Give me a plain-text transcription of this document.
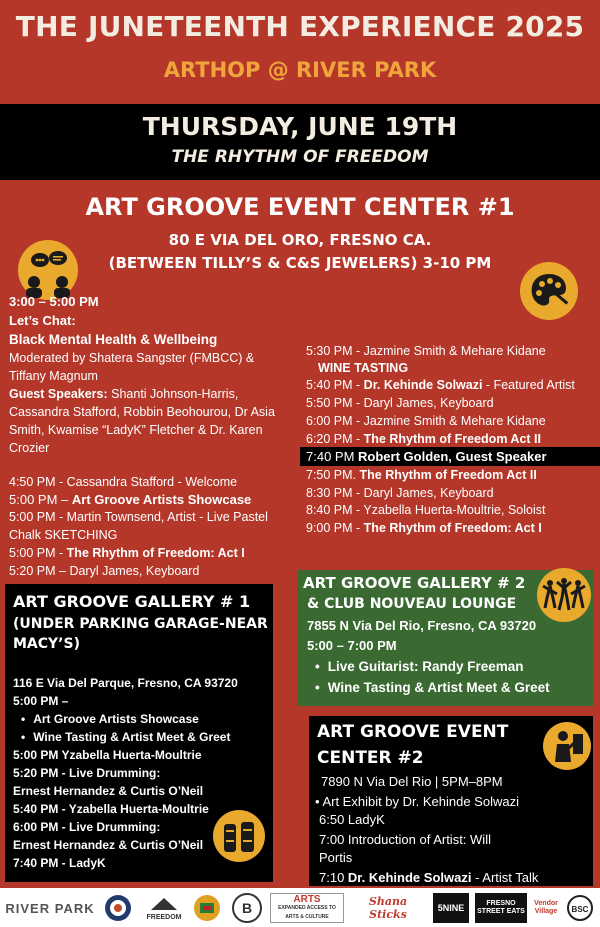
THE JUNETEENTH EXPERIENCE 2025
ARTHOP @ RIVER PARK
THURSDAY, JUNE 19TH
THE RHYTHM OF FREEDOM
ART GROOVE EVENT CENTER #1
80 E VIA DEL ORO, FRESNO CA.
(BETWEEN TILLY’S & C&S JEWELERS) 3-10 PM
3:00 – 5:00 PM
Let’s Chat:
Black Mental Health & Wellbeing
Moderated by Shatera Sangster (FMBCC) &
Tiffany Magnum
Guest Speakers: Shanti Johnson-Harris,
Cassandra Stafford, Robbin Beohourou, Dr Asia
Smith, Kwamise “LadyK” Fletcher & Dr. Karen
Crozier
4:50 PM - Cassandra Stafford - Welcome
5:00 PM – Art Groove Artists Showcase
5:00 PM - Martin Townsend, Artist - Live Pastel
Chalk SKETCHING
5:00 PM - The Rhythm of Freedom: Act I
5:20 PM – Daryl James, Keyboard
5:30 PM - Jazmine Smith & Mehare Kidane
WINE TASTING
5:40 PM - Dr. Kehinde Solwazi - Featured Artist
5:50 PM - Daryl James, Keyboard
6:00 PM - Jazmine Smith & Mehare Kidane
6:20 PM - The Rhythm of Freedom Act II
7:40 PM Robert Golden, Guest Speaker
7:50 PM. The Rhythm of Freedom Act II
8:30 PM - Daryl James, Keyboard
8:40 PM - Yzabella Huerta-Moultrie, Soloist
9:00 PM - The Rhythm of Freedom: Act I
ART GROOVE GALLERY # 1
(UNDER PARKING GARAGE-NEAR
MACY’S)
116 E Via Del Parque, Fresno, CA 93720
5:00 PM –
• Art Groove Artists Showcase
• Wine Tasting & Artist Meet & Greet
5:00 PM Yzabella Huerta-Moultrie
5:20 PM - Live Drumming:
Ernest Hernandez & Curtis O’Neil
5:40 PM - Yzabella Huerta-Moultrie
6:00 PM - Live Drumming:
Ernest Hernandez & Curtis O’Neil
7:40 PM - LadyK
ART GROOVE GALLERY # 2
& CLUB NOUVEAU LOUNGE
7855 N Via Del Rio, Fresno, CA 93720
5:00 – 7:00 PM
• Live Guitarist: Randy Freeman
• Wine Tasting & Artist Meet & Greet
ART GROOVE EVENT
CENTER #2
7890 N Via Del Rio | 5PM–8PM
• Art Exhibit by Dr. Kehinde Solwazi
6:50 LadyK
7:00 Introduction of Artist: Will
Portis
7:10 Dr. Kehinde Solwazi - Artist Talk
RIVER PARK
FREEDOM
B
ARTS
EXPANDED ACCESS TO ARTS & CULTURE
Shana Sticks	5NINE	FRESNO STREET EATS
Vendor Village	BSC
